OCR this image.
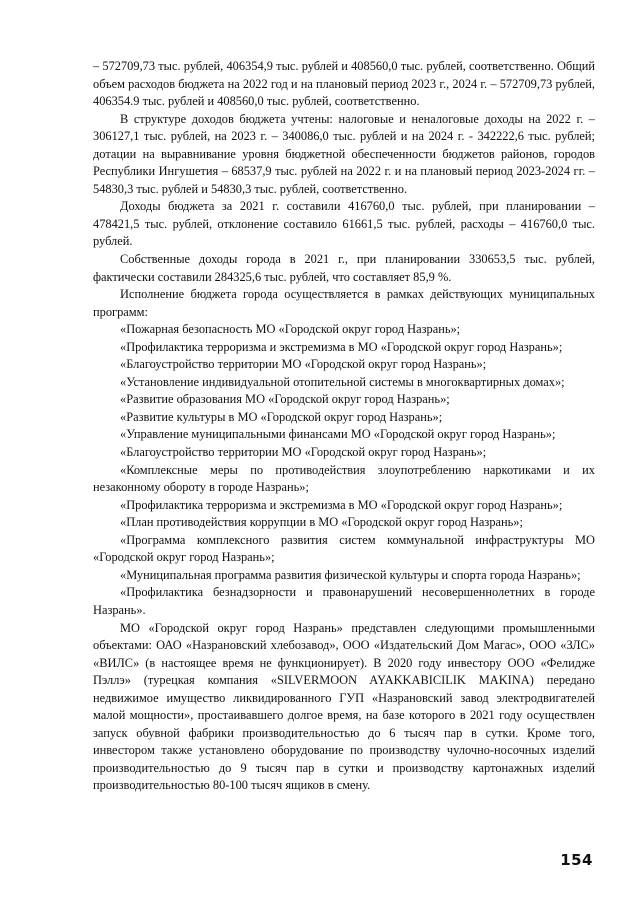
– 572709,73 тыс. рублей, 406354,9 тыс. рублей и 408560,0 тыс. рублей, соответственно. Общий объем расходов бюджета на 2022 год и на плановый период 2023 г., 2024 г. – 572709,73 рублей, 406354.9 тыс. рублей и 408560,0 тыс. рублей, соответственно.

В структуре доходов бюджета учтены: налоговые и неналоговые доходы на 2022 г. – 306127,1 тыс. рублей, на 2023 г. – 340086,0 тыс. рублей и на 2024 г. - 342222,6 тыс. рублей; дотации на выравнивание уровня бюджетной обеспеченности бюджетов районов, городов Республики Ингушетия – 68537,9 тыс. рублей на 2022 г. и на плановый период 2023-2024 гг. – 54830,3 тыс. рублей и 54830,3 тыс. рублей, соответственно.

Доходы бюджета за 2021 г. составили 416760,0 тыс. рублей, при планировании – 478421,5 тыс. рублей, отклонение составило 61661,5 тыс. рублей, расходы – 416760,0 тыс. рублей.

Собственные доходы города в 2021 г., при планировании 330653,5 тыс. рублей, фактически составили 284325,6 тыс. рублей, что составляет 85,9 %.

Исполнение бюджета города осуществляется в рамках действующих муниципальных программ:

«Пожарная безопасность МО «Городской округ город Назрань»;

«Профилактика терроризма и экстремизма в МО «Городской округ город Назрань»;

«Благоустройство территории МО «Городской округ город Назрань»;

«Установление индивидуальной отопительной системы в многоквартирных домах»;

«Развитие образования МО «Городской округ город Назрань»;

«Развитие культуры в МО «Городской округ город Назрань»;

«Управление муниципальными финансами МО «Городской округ город Назрань»;

«Благоустройство территории МО «Городской округ город Назрань»;

«Комплексные меры по противодействия злоупотреблению наркотиками и их незаконному обороту в городе Назрань»;

«Профилактика терроризма и экстремизма в МО «Городской округ город Назрань»;

«План противодействия коррупции в МО «Городской округ город Назрань»;

«Программа комплексного развития систем коммунальной инфраструктуры МО «Городской округ город Назрань»;

«Муниципальная программа развития физической культуры и спорта города Назрань»;

«Профилактика безнадзорности и правонарушений несовершеннолетних в городе Назрань».

МО «Городской округ город Назрань» представлен следующими промышленными объектами: ОАО «Назрановский хлебозавод», ООО «Издательский Дом Магас», ООО «ЗЛС» «ВИЛС» (в настоящее время не функционирует). В 2020 году инвестору ООО «Фелидже Пэллэ» (турецкая компания «SILVERMOON AYAKKABICILIK MAKINA) передано недвижимое имущество ликвидированного ГУП «Назрановский завод электродвигателей малой мощности», простаивавшего долгое время, на базе которого в 2021 году осуществлен запуск обувной фабрики производительностью до 6 тысяч пар в сутки. Кроме того, инвестором также установлено оборудование по производству чулочно-носочных изделий производительностью до 9 тысяч пар в сутки и производству картонажных изделий производительностью 80-100 тысяч ящиков в смену.

154
